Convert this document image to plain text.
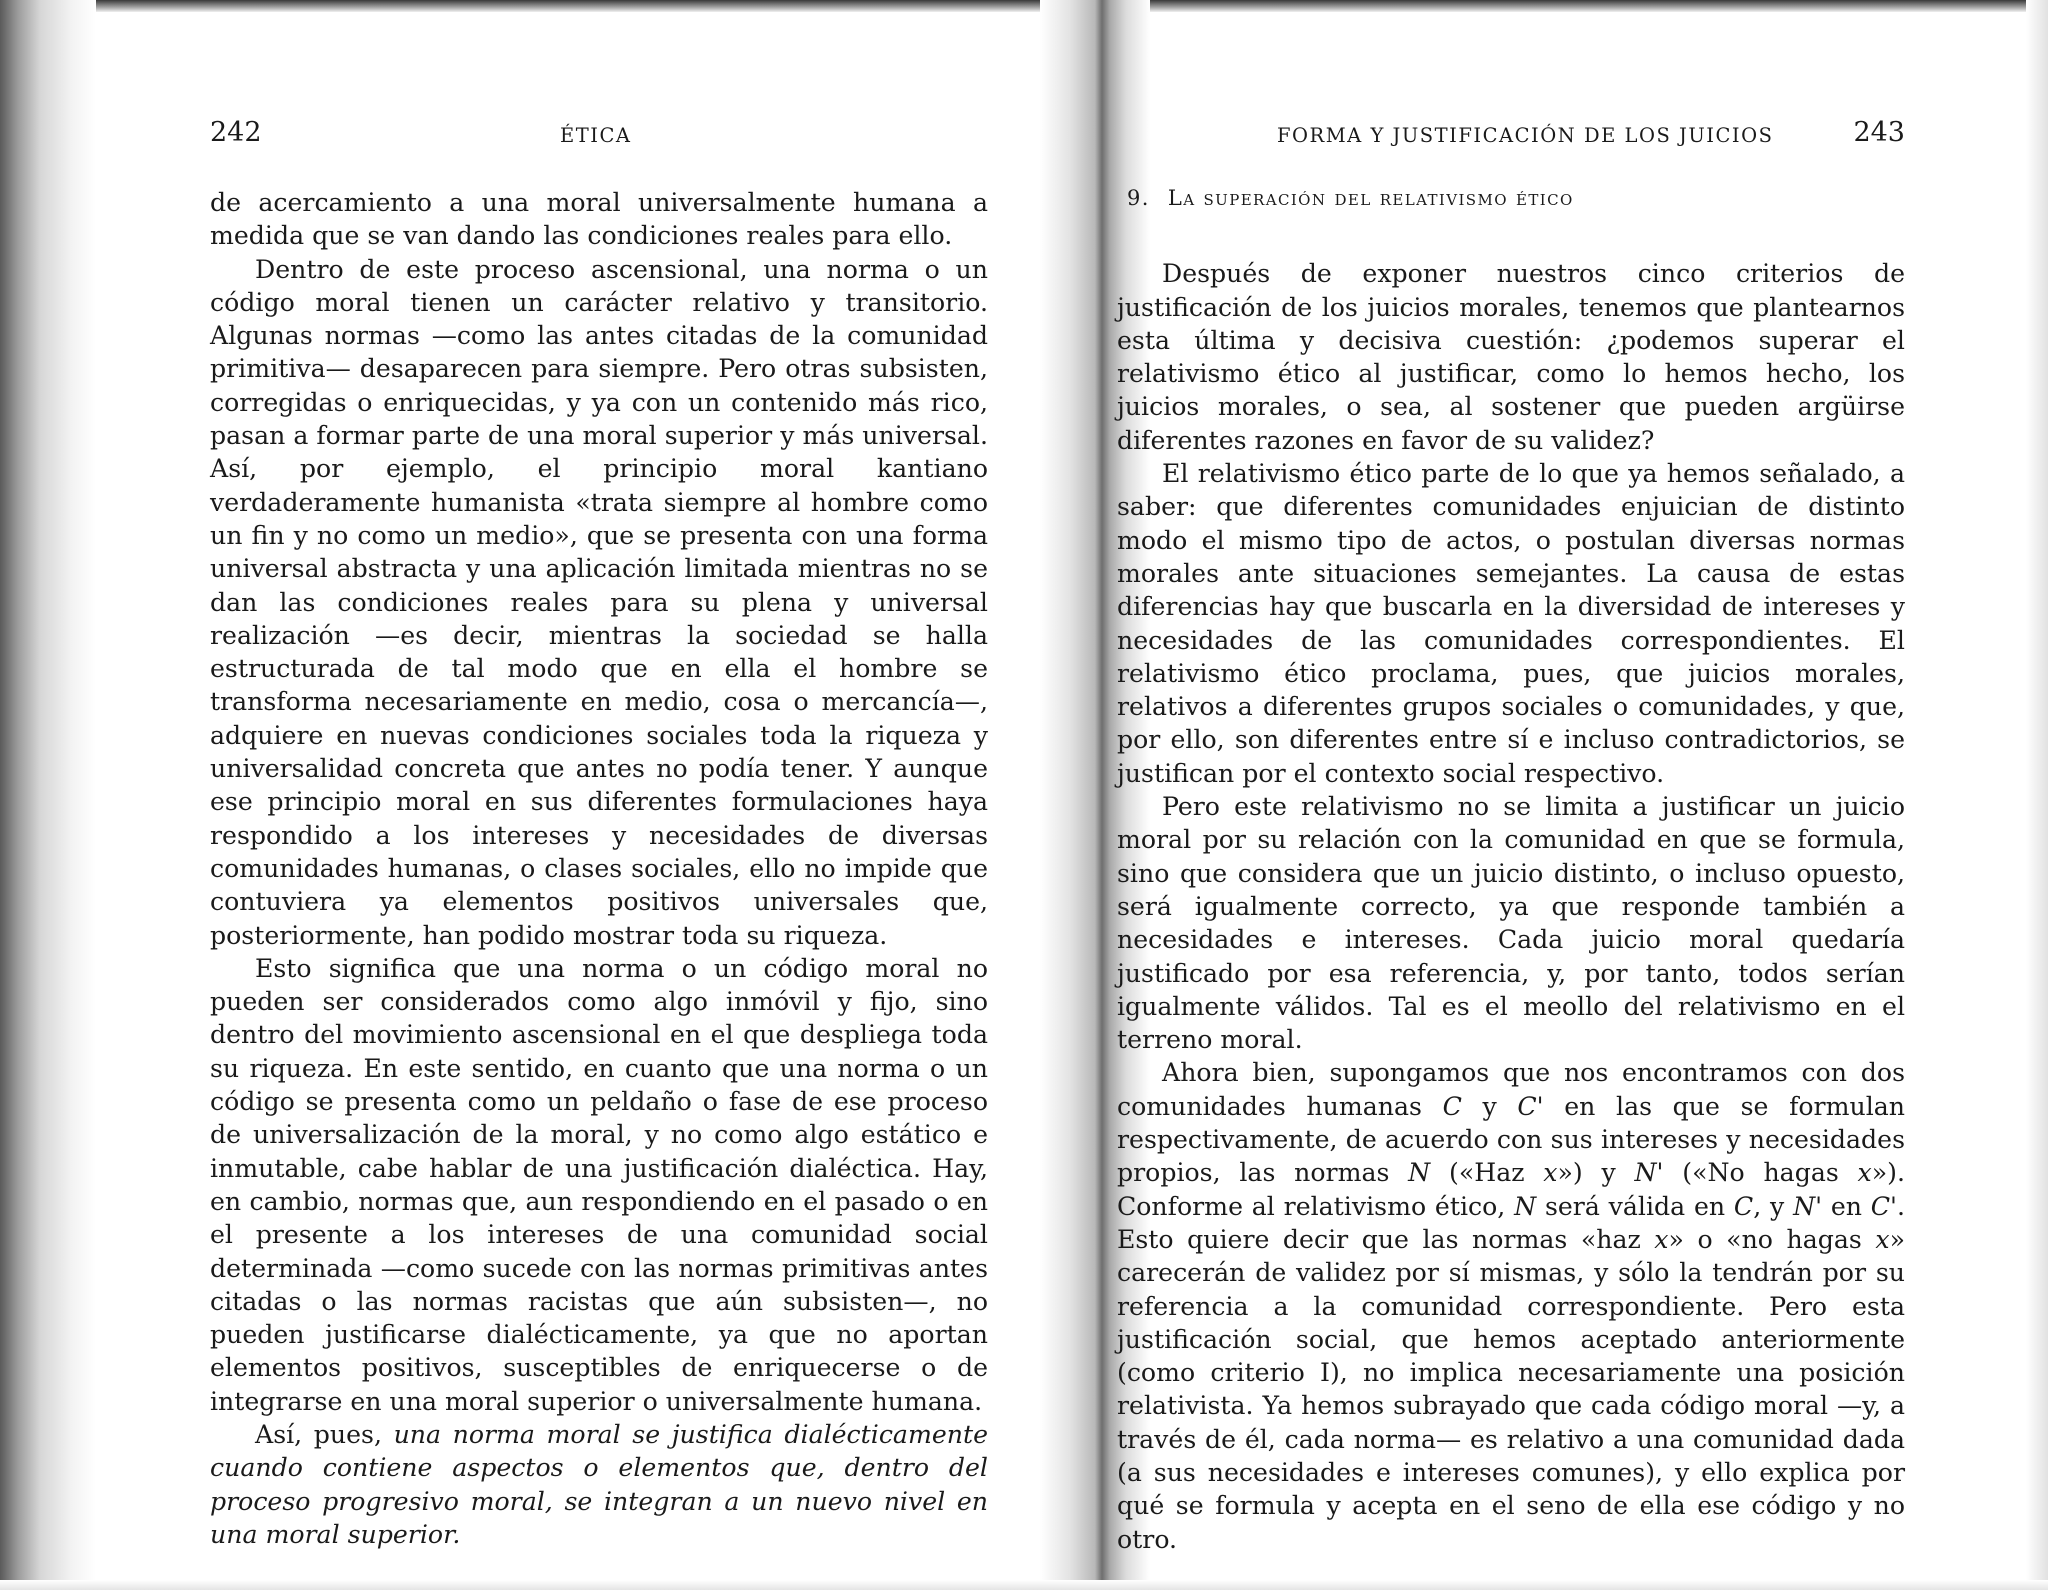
242	ÉTICA

de acercamiento a una moral universalmente humana a medida que se van dando las condiciones reales para ello.

Dentro de este proceso ascensional, una norma o un código moral tienen un carácter relativo y transitorio. Algunas normas —como las antes citadas de la comunidad primitiva— desaparecen para siempre. Pero otras subsisten, corregidas o enriquecidas, y ya con un contenido más rico, pasan a formar parte de una moral superior y más universal. Así, por ejemplo, el principio moral kantiano verdaderamente humanista «trata siempre al hombre como un fin y no como un medio», que se presenta con una forma universal abstracta y una aplicación limitada mientras no se dan las condiciones reales para su plena y universal realización —es decir, mientras la sociedad se halla estructurada de tal modo que en ella el hombre se transforma necesariamente en medio, cosa o mercancía—, adquiere en nuevas condiciones sociales toda la riqueza y universalidad concreta que antes no podía tener. Y aunque ese principio moral en sus diferentes formulaciones haya respondido a los intereses y necesidades de diversas comunidades humanas, o clases sociales, ello no impide que contuviera ya elementos positivos universales que, posteriormente, han podido mostrar toda su riqueza.

Esto significa que una norma o un código moral no pueden ser considerados como algo inmóvil y fijo, sino dentro del movimiento ascensional en el que despliega toda su riqueza. En este sentido, en cuanto que una norma o un código se presenta como un peldaño o fase de ese proceso de universalización de la moral, y no como algo estático e inmutable, cabe hablar de una justificación dialéctica. Hay, en cambio, normas que, aun respondiendo en el pasado o en el presente a los intereses de una comunidad social determinada —como sucede con las normas primitivas antes citadas o las normas racistas que aún subsisten—, no pueden justificarse dialécticamente, ya que no aportan elementos positivos, susceptibles de enriquecerse o de integrarse en una moral superior o universalmente humana.

Así, pues, una norma moral se justifica dialécticamente cuando contiene aspectos o elementos que, dentro del proceso progresivo moral, se integran a un nuevo nivel en una moral superior.

FORMA Y JUSTIFICACIÓN DE LOS JUICIOS	243
9. La superación del relativismo ético

Después de exponer nuestros cinco criterios de justificación de los juicios morales, tenemos que plantearnos esta última y decisiva cuestión: ¿podemos superar el relativismo ético al justificar, como lo hemos hecho, los juicios morales, o sea, al sostener que pueden argüirse diferentes razones en favor de su validez?

El relativismo ético parte de lo que ya hemos señalado, a saber: que diferentes comunidades enjuician de distinto modo el mismo tipo de actos, o postulan diversas normas morales ante situaciones semejantes. La causa de estas diferencias hay que buscarla en la diversidad de intereses y necesidades de las comunidades correspondientes. El relativismo ético proclama, pues, que juicios morales, relativos a diferentes grupos sociales o comunidades, y que, por ello, son diferentes entre sí e incluso contradictorios, se justifican por el contexto social respectivo.

Pero este relativismo no se limita a justificar un juicio moral por su relación con la comunidad en que se formula, sino que considera que un juicio distinto, o incluso opuesto, será igualmente correcto, ya que responde también a necesidades e intereses. Cada juicio moral quedaría justificado por esa referencia, y, por tanto, todos serían igualmente válidos. Tal es el meollo del relativismo en el terreno moral.

Ahora bien, supongamos que nos encontramos con dos comunidades humanas C y C' en las que se formulan respectivamente, de acuerdo con sus intereses y necesidades propios, las normas N («Haz x») y N' («No hagas x»). Conforme al relativismo ético, N será válida en C, y N' en C'. Esto quiere decir que las normas «haz x» o «no hagas x» carecerán de validez por sí mismas, y sólo la tendrán por su referencia a la comunidad correspondiente. Pero esta justificación social, que hemos aceptado anteriormente (como criterio I), no implica necesariamente una posición relativista. Ya hemos subrayado que cada código moral —y, a través de él, cada norma— es relativo a una comunidad dada (a sus necesidades e intereses comunes), y ello explica por qué se formula y acepta en el seno de ella ese código y no otro.
